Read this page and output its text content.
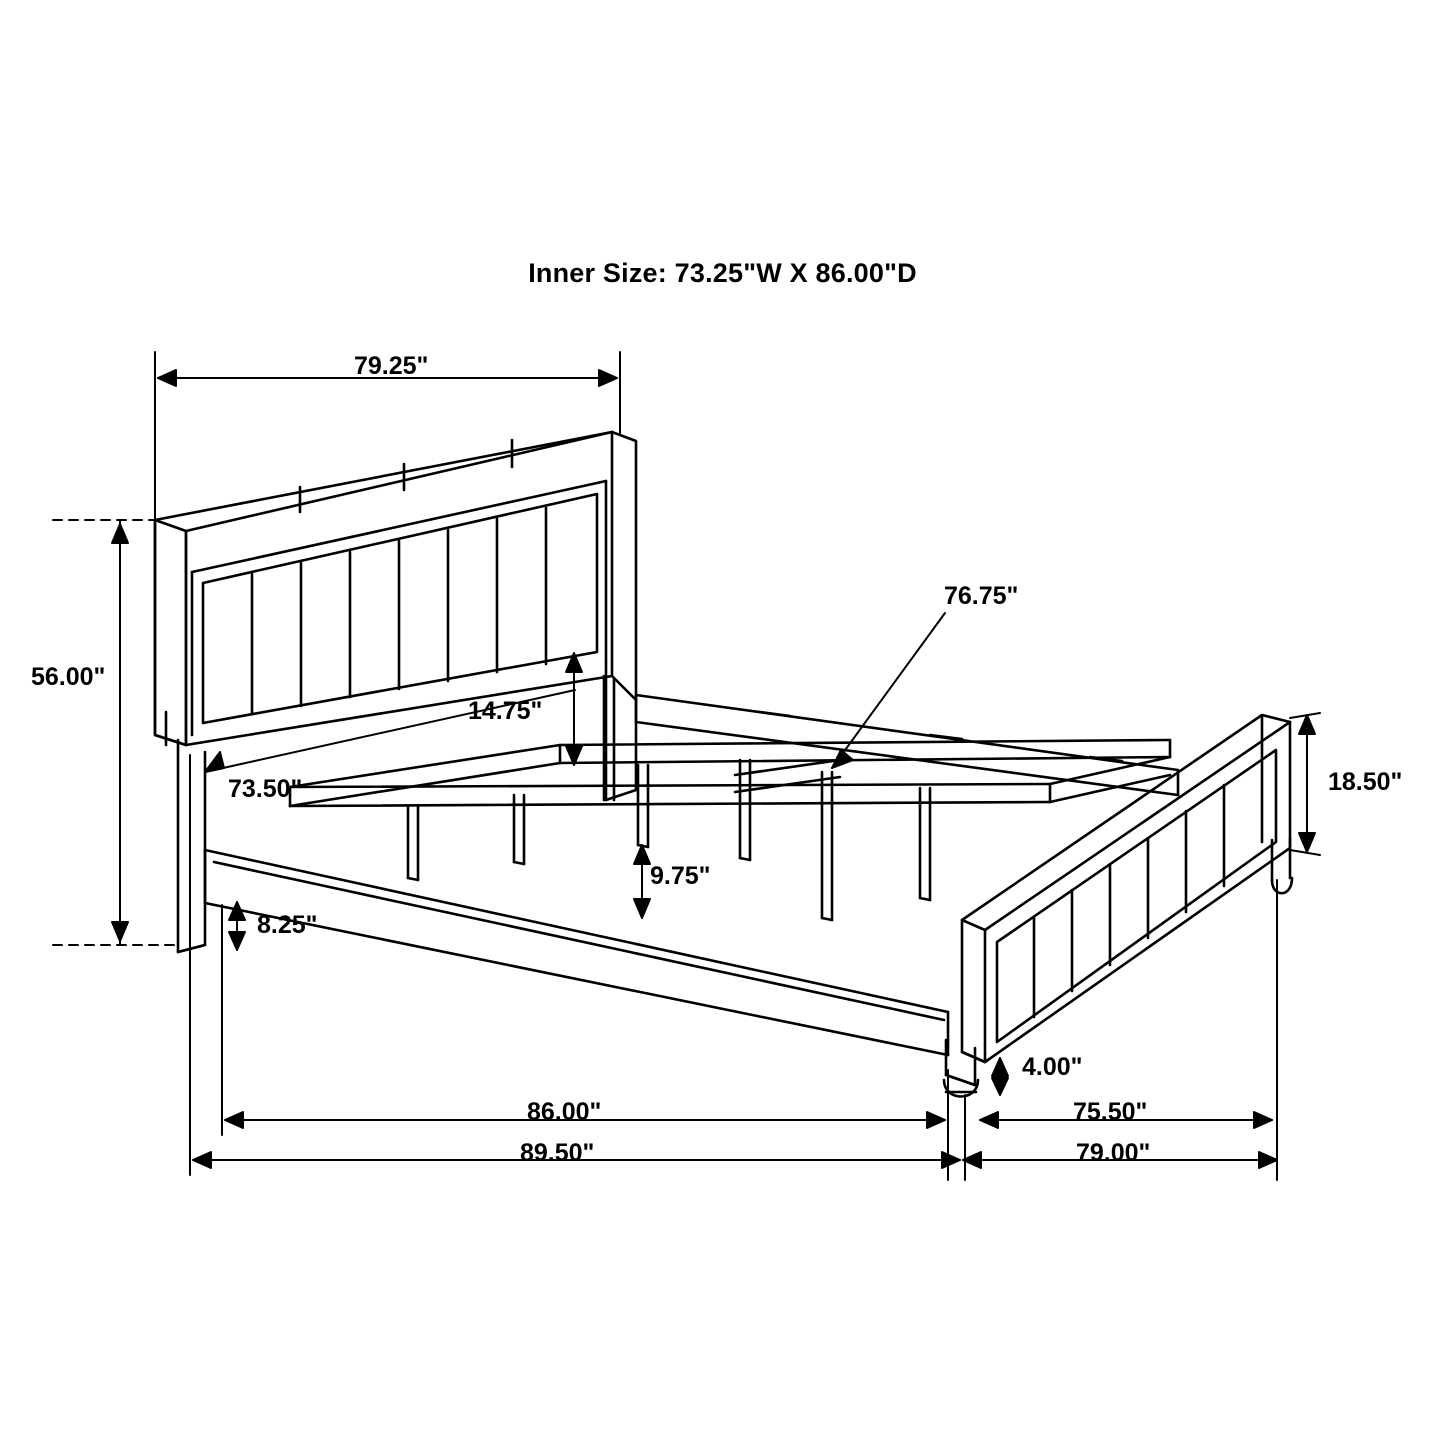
Inner Size: 73.25"W X 86.00"D
79.25"
56.00"
73.50"
14.75"
76.75"
18.50"
9.75"
8.25"
4.00"
86.00"
89.50"
75.50"
79.00"
